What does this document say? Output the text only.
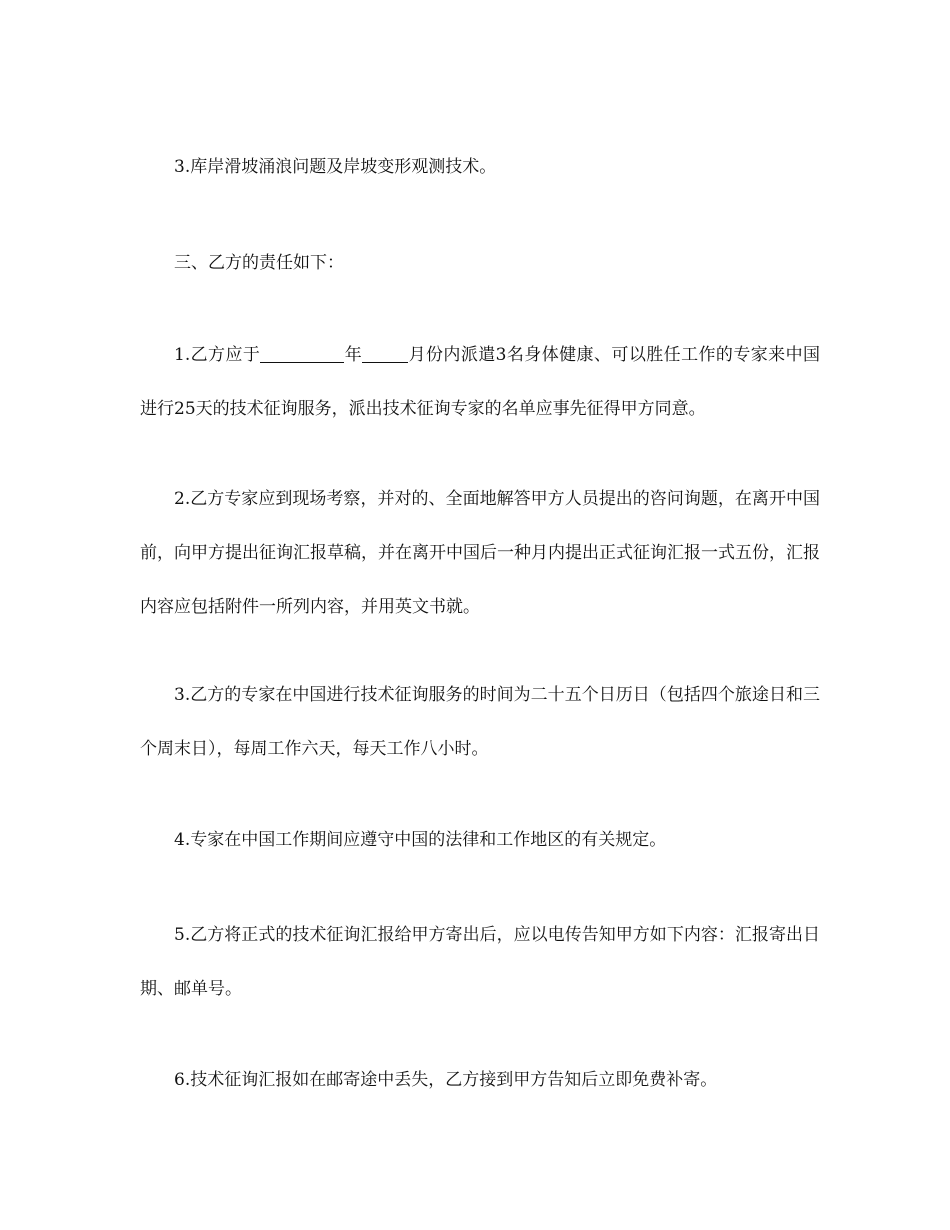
3.库岸滑坡涌浪问题及岸坡变形观测技术。

三、乙方的责任如下：

1.乙方应于	年	月份内派遣3名身体健康、可以胜任工作的专家来中国进行25天的技术征询服务，派出技术征询专家的名单应事先征得甲方同意。

2.乙方专家应到现场考察，并对的、全面地解答甲方人员提出的咨问询题，在离开中国前，向甲方提出征询汇报草稿，并在离开中国后一种月内提出正式征询汇报一式五份，汇报内容应包括附件一所列内容，并用英文书就。

3.乙方的专家在中国进行技术征询服务的时间为二十五个日历日（包括四个旅途日和三个周末日），每周工作六天，每天工作八小时。

4.专家在中国工作期间应遵守中国的法律和工作地区的有关规定。

5.乙方将正式的技术征询汇报给甲方寄出后，应以电传告知甲方如下内容：汇报寄出日期、邮单号。

6.技术征询汇报如在邮寄途中丢失，乙方接到甲方告知后立即免费补寄。
